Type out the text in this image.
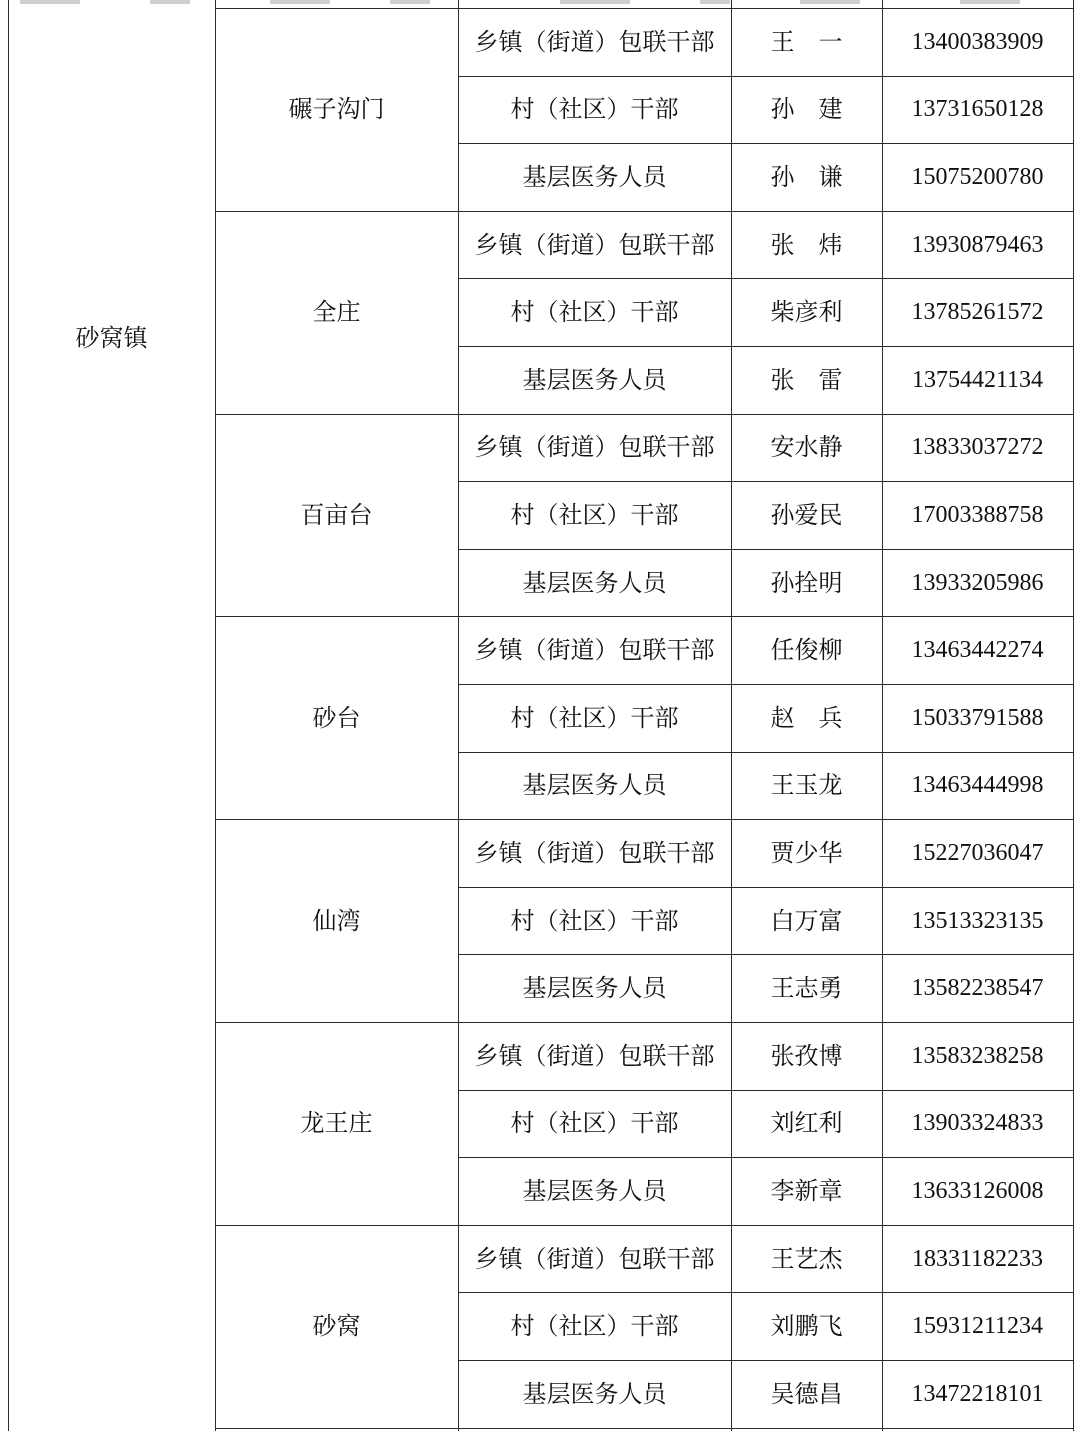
砂窝镇
碾子沟门
乡镇（街道）包联干部	王　一	13400383909
村（社区）干部	孙　建	13731650128
基层医务人员	孙　谦	15075200780
全庄
乡镇（街道）包联干部	张　炜	13930879463
村（社区）干部	柴彦利	13785261572
基层医务人员	张　雷	13754421134
百亩台
乡镇（街道）包联干部	安水静	13833037272
村（社区）干部	孙爱民	17003388758
基层医务人员	孙拴明	13933205986
砂台
乡镇（街道）包联干部	任俊柳	13463442274
村（社区）干部	赵　兵	15033791588
基层医务人员	王玉龙	13463444998
仙湾
乡镇（街道）包联干部	贾少华	15227036047
村（社区）干部	白万富	13513323135
基层医务人员	王志勇	13582238547
龙王庄
乡镇（街道）包联干部	张孜博	13583238258
村（社区）干部	刘红利	13903324833
基层医务人员	李新章	13633126008
砂窝
乡镇（街道）包联干部	王艺杰	18331182233
村（社区）干部	刘鹏飞	15931211234
基层医务人员	吴德昌	13472218101
